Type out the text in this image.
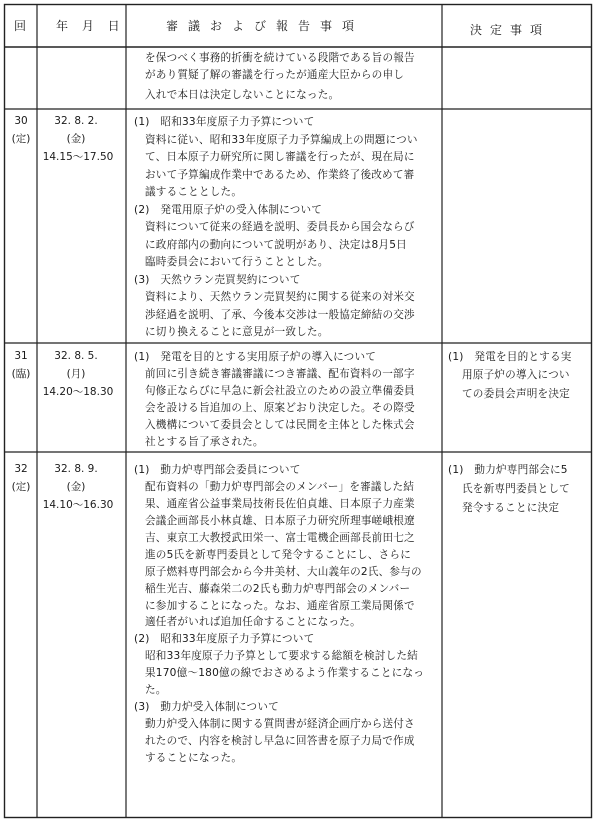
回 年 月 日	審議および報告事項	決定事項
を保つべく事務的折衝を続けている段階である旨の報告
があり質疑了解の審議を行ったが通産大臣からの申し
入れで本日は決定しないことになった。
30
(定)
32. 8. 2.
(金)
14.15～17.50
(1)　昭和33年度原子力予算について
資料に従い、昭和33年度原子力予算編成上の問題につい
て、日本原子力研究所に関し審議を行ったが、現在局に
おいて予算編成作業中であるため、作業終了後改めて審
議することとした。
(2)　発電用原子炉の受入体制について
資料について従来の経過を説明、委員長から国会ならび
に政府部内の動向について説明があり、決定は8月5日
臨時委員会において行うこととした。
(3)　天然ウラン売買契約について
資料により、天然ウラン売買契約に関する従来の対米交
渉経過を説明、了承、今後本交渉は一般協定締結の交渉
に切り換えることに意見が一致した。
31
(臨)
32. 8. 5.
(月)
14.20～18.30
(1)　発電を目的とする実用原子炉の導入について
前回に引き続き審議審議につき審議、配布資料の一部字
句修正ならびに早急に新会社設立のための設立準備委員
会を設ける旨追加の上、原案どおり決定した。その際受
入機構について委員会としては民間を主体とした株式会
社とする旨了承された。
(1)　発電を目的とする実
用原子炉の導入につい
ての委員会声明を決定
32
(定)
32. 8. 9.
(金)
14.10～16.30
(1)　動力炉専門部会委員について
配布資料の「動力炉専門部会のメンバー」を審議した結
果、通産省公益事業局技術長佐伯貞雄、日本原子力産業
会議企画部長小林貞雄、日本原子力研究所理事嵯峨根遼
吉、東京工大教授武田栄一、富士電機企画部長前田七之
進の5氏を新専門委員として発令することにし、さらに
原子燃料専門部会から今井美材、大山義年の2氏、参与の
稲生光吉、藤森栄二の2氏も動力炉専門部会のメンバー
に参加することになった。なお、通産省原工業局関係で
適任者がいれば追加任命することになった。
(2)　昭和33年度原子力予算について
昭和33年度原子力予算として要求する総額を検討した結
果170億～180億の線でおさめるよう作業することになっ
た。
(3)　動力炉受入体制について
動力炉受入体制に関する質問書が経済企画庁から送付さ
れたので、内容を検討し早急に回答書を原子力局で作成
することになった。
(1)　動力炉専門部会に5
氏を新専門委員として
発令することに決定
